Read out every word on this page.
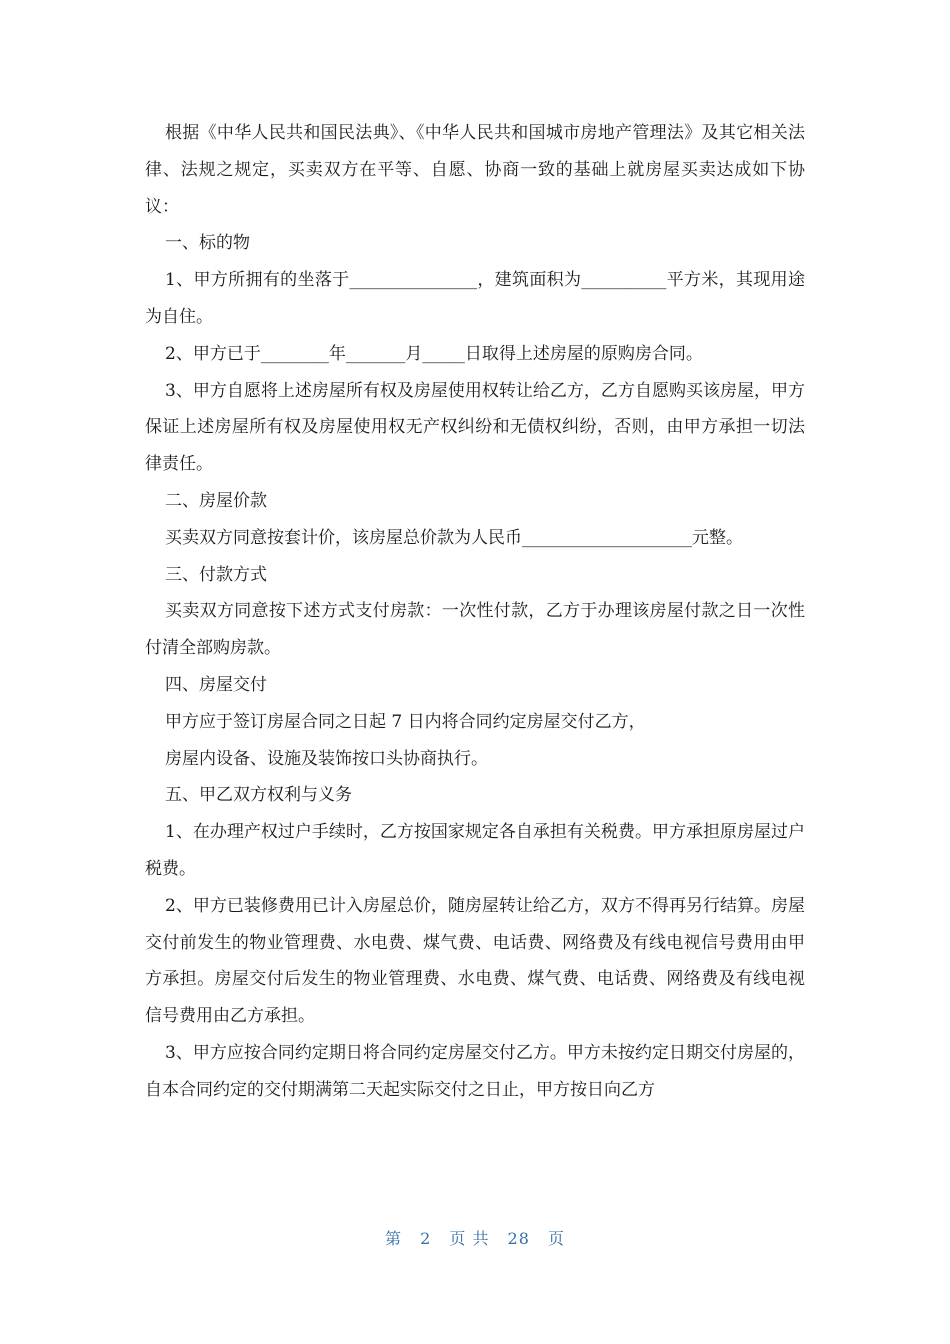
根据《中华人民共和国民法典》、《中华人民共和国城市房地产管理法》及其它相关法律、法规之规定，买卖双方在平等、自愿、协商一致的基础上就房屋买卖达成如下协议：

一、标的物

1、甲方所拥有的坐落于_______________，建筑面积为__________平方米，其现用途为自住。

2、甲方已于________年_______月_____日取得上述房屋的原购房合同。

3、甲方自愿将上述房屋所有权及房屋使用权转让给乙方，乙方自愿购买该房屋，甲方保证上述房屋所有权及房屋使用权无产权纠纷和无债权纠纷，否则，由甲方承担一切法律责任。

二、房屋价款

买卖双方同意按套计价，该房屋总价款为人民币____________________元整。

三、付款方式

买卖双方同意按下述方式支付房款：一次性付款，乙方于办理该房屋付款之日一次性付清全部购房款。

四、房屋交付

甲方应于签订房屋合同之日起 7 日内将合同约定房屋交付乙方，

房屋内设备、设施及装饰按口头协商执行。

五、甲乙双方权利与义务

1、在办理产权过户手续时，乙方按国家规定各自承担有关税费。甲方承担原房屋过户税费。

2、甲方已装修费用已计入房屋总价，随房屋转让给乙方，双方不得再另行结算。房屋交付前发生的物业管理费、水电费、煤气费、电话费、网络费及有线电视信号费用由甲方承担。房屋交付后发生的物业管理费、水电费、煤气费、电话费、网络费及有线电视信号费用由乙方承担。

3、甲方应按合同约定期日将合同约定房屋交付乙方。甲方未按约定日期交付房屋的，自本合同约定的交付期满第二天起实际交付之日止，甲方按日向乙方

第 2 页 共 28 页
